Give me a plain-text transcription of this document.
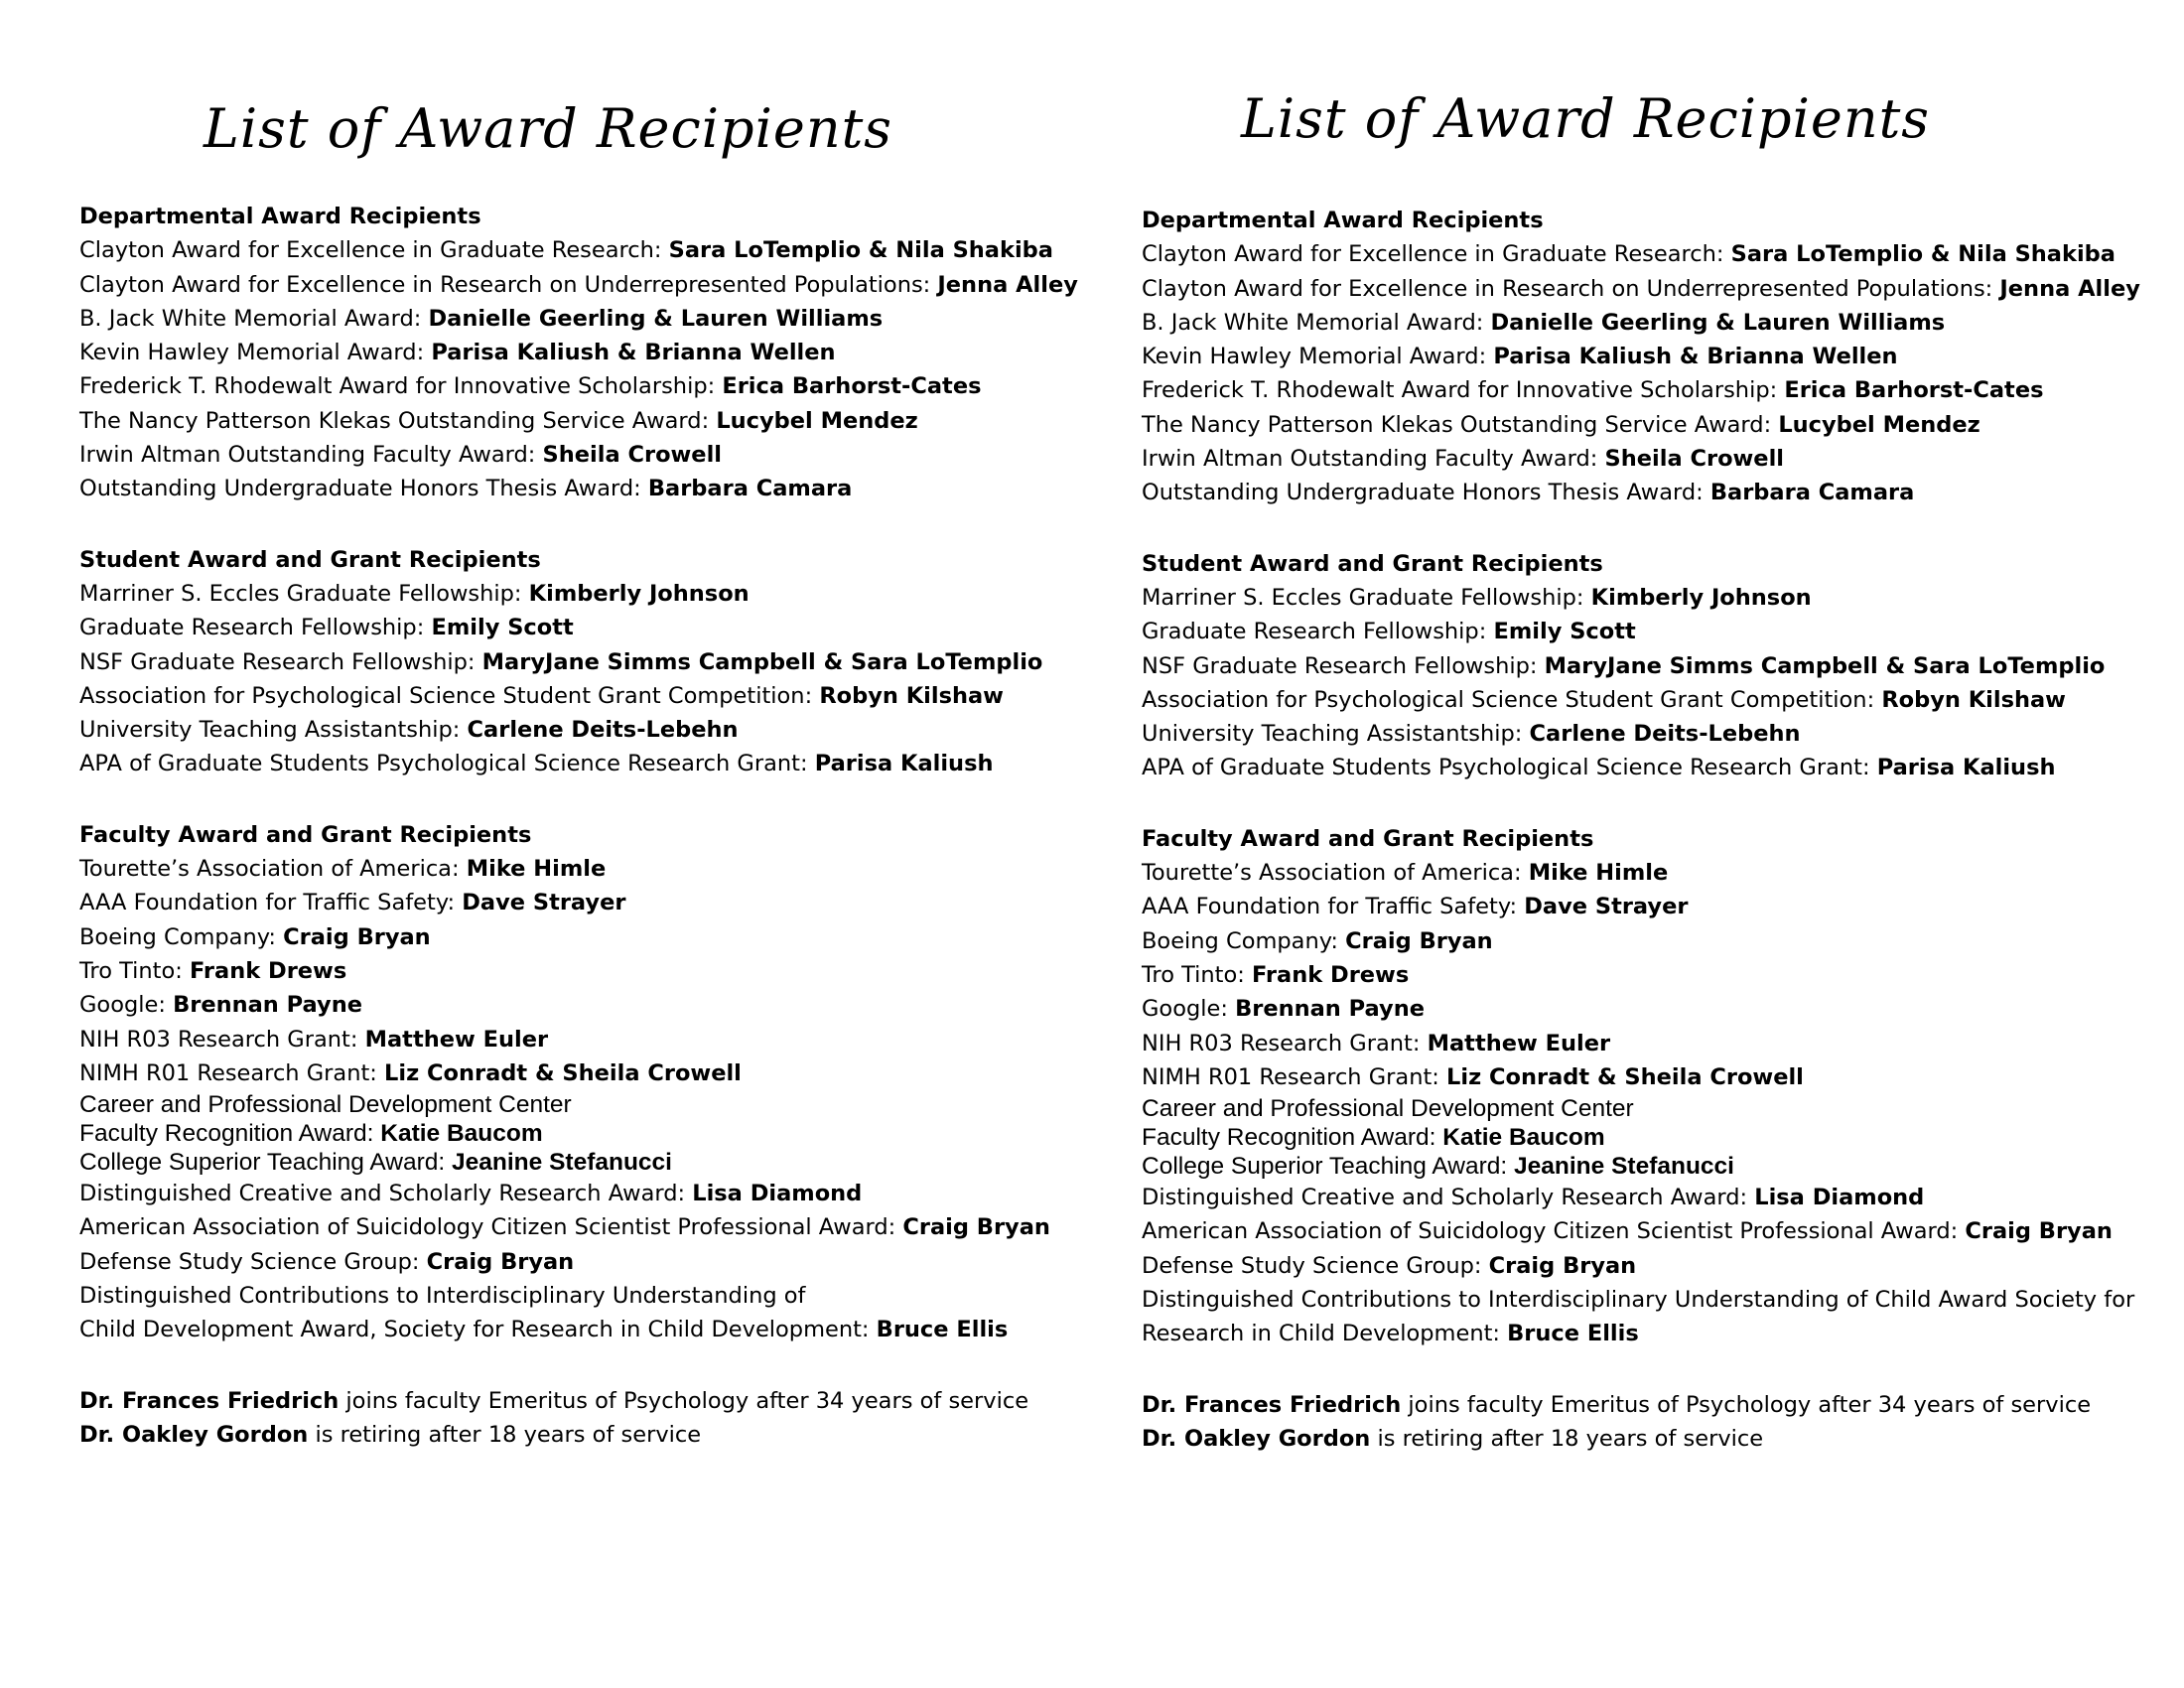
List of Award Recipients
Departmental Award Recipients
Clayton Award for Excellence in Graduate Research: Sara LoTemplio & Nila Shakiba
Clayton Award for Excellence in Research on Underrepresented Populations: Jenna Alley
B. Jack White Memorial Award: Danielle Geerling & Lauren Williams
Kevin Hawley Memorial Award: Parisa Kaliush & Brianna Wellen
Frederick T. Rhodewalt Award for Innovative Scholarship: Erica Barhorst-Cates
The Nancy Patterson Klekas Outstanding Service Award: Lucybel Mendez
Irwin Altman Outstanding Faculty Award: Sheila Crowell
Outstanding Undergraduate Honors Thesis Award: Barbara Camara
Student Award and Grant Recipients
Marriner S. Eccles Graduate Fellowship: Kimberly Johnson
Graduate Research Fellowship: Emily Scott
NSF Graduate Research Fellowship: MaryJane Simms Campbell & Sara LoTemplio
Association for Psychological Science Student Grant Competition: Robyn Kilshaw
University Teaching Assistantship: Carlene Deits-Lebehn
APA of Graduate Students Psychological Science Research Grant: Parisa Kaliush
Faculty Award and Grant Recipients
Tourette’s Association of America: Mike Himle
AAA Foundation for Traffic Safety: Dave Strayer
Boeing Company: Craig Bryan
Tro Tinto: Frank Drews
Google: Brennan Payne
NIH R03 Research Grant: Matthew Euler
NIMH R01 Research Grant: Liz Conradt & Sheila Crowell
Career and Professional Development Center
Faculty Recognition Award: Katie Baucom
College Superior Teaching Award: Jeanine Stefanucci
Distinguished Creative and Scholarly Research Award: Lisa Diamond
American Association of Suicidology Citizen Scientist Professional Award: Craig Bryan
Defense Study Science Group: Craig Bryan
Distinguished Contributions to Interdisciplinary Understanding of
Child Development Award, Society for Research in Child Development: Bruce Ellis
Dr. Frances Friedrich joins faculty Emeritus of Psychology after 34 years of service
Dr. Oakley Gordon is retiring after 18 years of service
List of Award Recipients
Departmental Award Recipients
Clayton Award for Excellence in Graduate Research: Sara LoTemplio & Nila Shakiba
Clayton Award for Excellence in Research on Underrepresented Populations: Jenna Alley
B. Jack White Memorial Award: Danielle Geerling & Lauren Williams
Kevin Hawley Memorial Award: Parisa Kaliush & Brianna Wellen
Frederick T. Rhodewalt Award for Innovative Scholarship: Erica Barhorst-Cates
The Nancy Patterson Klekas Outstanding Service Award: Lucybel Mendez
Irwin Altman Outstanding Faculty Award: Sheila Crowell
Outstanding Undergraduate Honors Thesis Award: Barbara Camara
Student Award and Grant Recipients
Marriner S. Eccles Graduate Fellowship: Kimberly Johnson
Graduate Research Fellowship: Emily Scott
NSF Graduate Research Fellowship: MaryJane Simms Campbell & Sara LoTemplio
Association for Psychological Science Student Grant Competition: Robyn Kilshaw
University Teaching Assistantship: Carlene Deits-Lebehn
APA of Graduate Students Psychological Science Research Grant: Parisa Kaliush
Faculty Award and Grant Recipients
Tourette’s Association of America: Mike Himle
AAA Foundation for Traffic Safety: Dave Strayer
Boeing Company: Craig Bryan
Tro Tinto: Frank Drews
Google: Brennan Payne
NIH R03 Research Grant: Matthew Euler
NIMH R01 Research Grant: Liz Conradt & Sheila Crowell
Career and Professional Development Center
Faculty Recognition Award: Katie Baucom
College Superior Teaching Award: Jeanine Stefanucci
Distinguished Creative and Scholarly Research Award: Lisa Diamond
American Association of Suicidology Citizen Scientist Professional Award: Craig Bryan
Defense Study Science Group: Craig Bryan
Distinguished Contributions to Interdisciplinary Understanding of Child Award Society for
Research in Child Development: Bruce Ellis
Dr. Frances Friedrich joins faculty Emeritus of Psychology after 34 years of service
Dr. Oakley Gordon is retiring after 18 years of service
